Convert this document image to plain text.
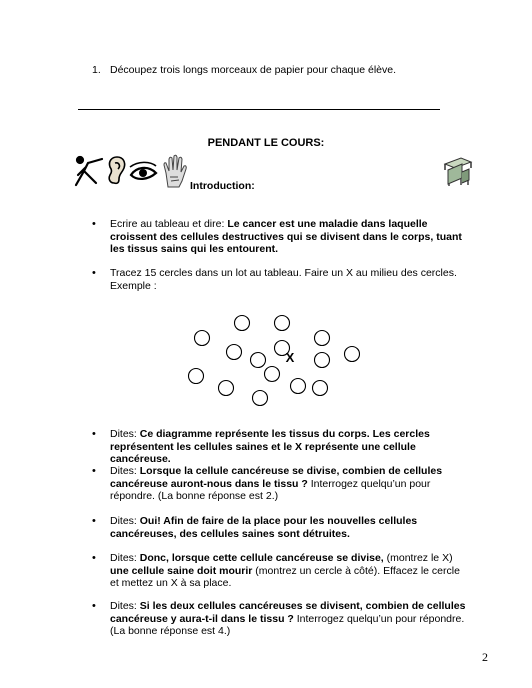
1. Découpez trois longs morceaux de papier pour chaque élève.
PENDANT LE COURS:
Introduction:
• Ecrire au tableau et dire: Le cancer est une maladie dans laquelle croissent des cellules destructives qui se divisent dans le corps, tuant les tissus sains qui les entourent.
• Tracez 15 cercles dans un lot au tableau. Faire un X au milieu des cercles. Exemple :
X
• Dites: Ce diagramme représente les tissus du corps. Les cercles représentent les cellules saines et le X représente une cellule cancéreuse.
• Dites: Lorsque la cellule cancéreuse se divise, combien de cellules cancéreuse auront-nous dans le tissu ? Interrogez quelqu’un pour répondre. (La bonne réponse est 2.)
• Dites: Oui! Afin de faire de la place pour les nouvelles cellules cancéreuses, des cellules saines sont détruites.
• Dites: Donc, lorsque cette cellule cancéreuse se divise, (montrez le X) une cellule saine doit mourir (montrez un cercle à côté). Effacez le cercle et mettez un X à sa place.
• Dites: Si les deux cellules cancéreuses se divisent, combien de cellules cancéreuse y aura-t-il dans le tissu ? Interrogez quelqu’un pour répondre. (La bonne réponse est 4.)
2
